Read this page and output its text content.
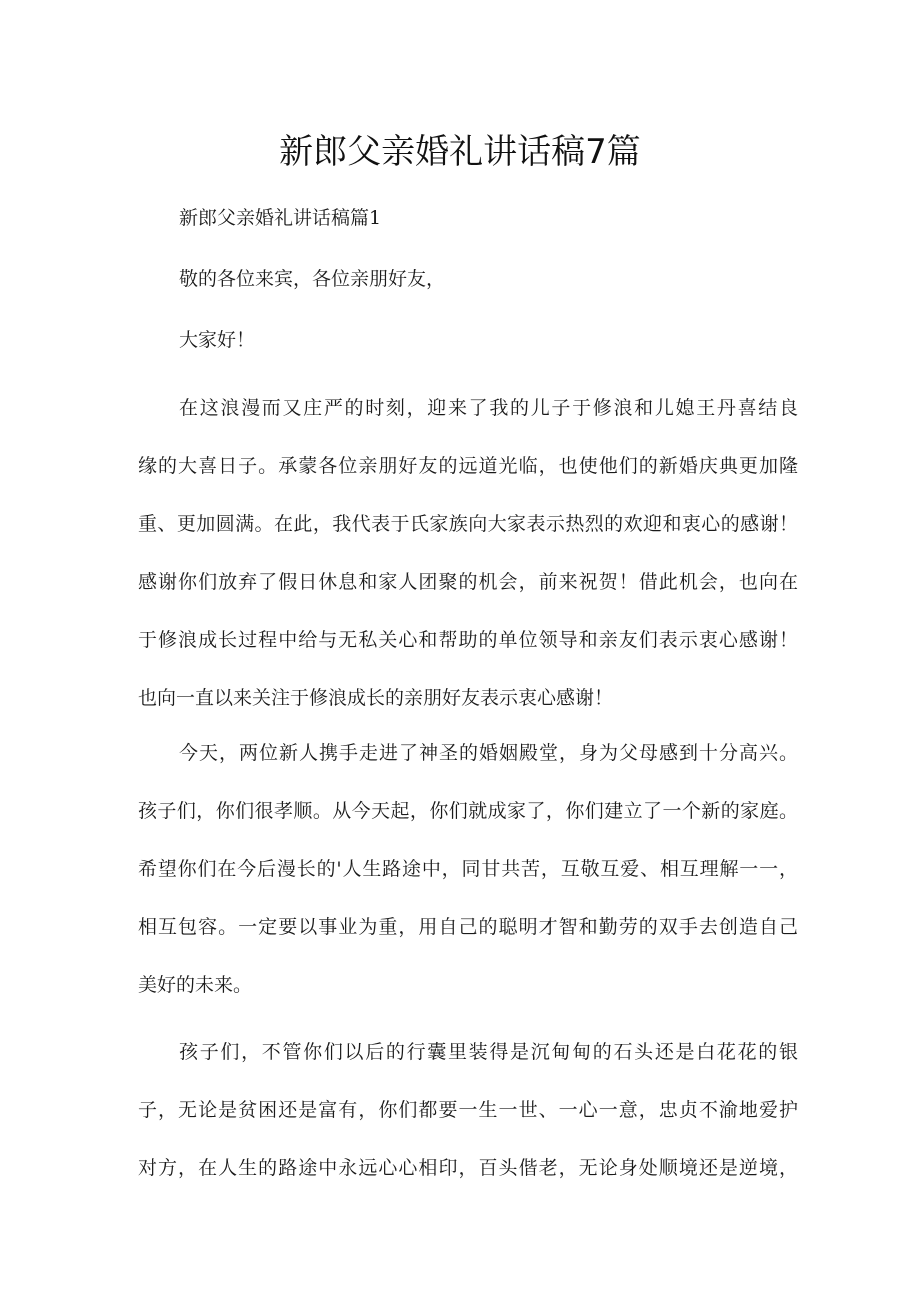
新郎父亲婚礼讲话稿7篇
新郎父亲婚礼讲话稿篇1
敬的各位来宾，各位亲朋好友，
大家好！
在这浪漫而又庄严的时刻，迎来了我的儿子于修浪和儿媳王丹喜结良
缘的大喜日子。承蒙各位亲朋好友的远道光临，也使他们的新婚庆典更加隆
重、更加圆满。在此，我代表于氏家族向大家表示热烈的欢迎和衷心的感谢！
感谢你们放弃了假日休息和家人团聚的机会，前来祝贺！借此机会，也向在
于修浪成长过程中给与无私关心和帮助的单位领导和亲友们表示衷心感谢！
也向一直以来关注于修浪成长的亲朋好友表示衷心感谢！
今天，两位新人携手走进了神圣的婚姻殿堂，身为父母感到十分高兴。
孩子们，你们很孝顺。从今天起，你们就成家了，你们建立了一个新的家庭。
希望你们在今后漫长的'人生路途中，同甘共苦，互敬互爱、相互理解一一，
相互包容。一定要以事业为重，用自己的聪明才智和勤劳的双手去创造自己
美好的未来。
孩子们，不管你们以后的行囊里装得是沉甸甸的石头还是白花花的银
子，无论是贫困还是富有，你们都要一生一世、一心一意，忠贞不渝地爱护
对方，在人生的路途中永远心心相印，百头偕老，无论身处顺境还是逆境，
